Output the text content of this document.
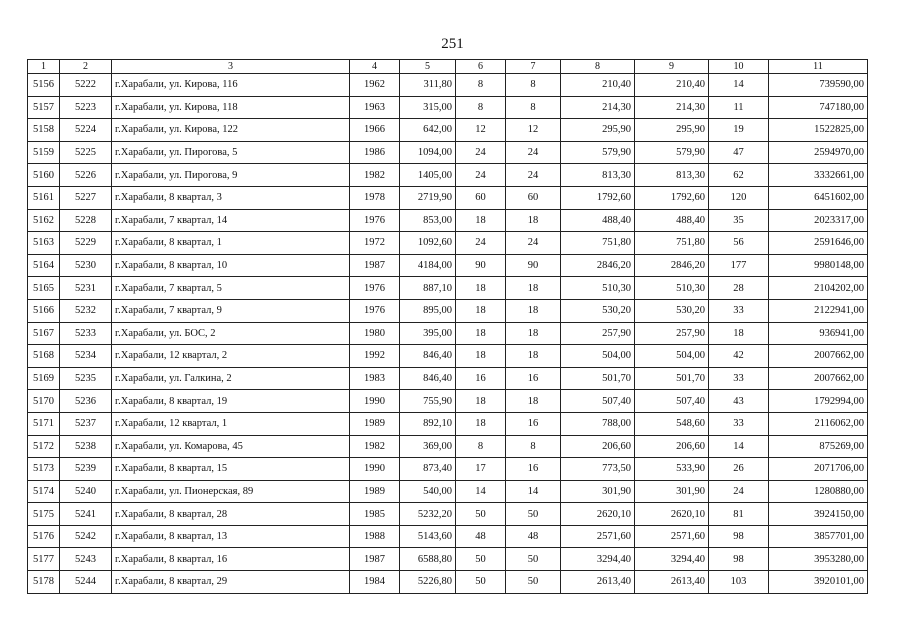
251
1	2	3	4	5	6	7	8	9	10	11
5156	5222	г.Харабали, ул. Кирова, 116	1962	311,80	8	8	210,40	210,40	14	739590,00
5157	5223	г.Харабали, ул. Кирова, 118	1963	315,00	8	8	214,30	214,30	11	747180,00
5158	5224	г.Харабали, ул. Кирова, 122	1966	642,00	12	12	295,90	295,90	19	1522825,00
5159	5225	г.Харабали, ул. Пирогова, 5	1986	1094,00	24	24	579,90	579,90	47	2594970,00
5160	5226	г.Харабали, ул. Пирогова, 9	1982	1405,00	24	24	813,30	813,30	62	3332661,00
5161	5227	г.Харабали, 8 квартал, 3	1978	2719,90	60	60	1792,60	1792,60	120	6451602,00
5162	5228	г.Харабали, 7 квартал, 14	1976	853,00	18	18	488,40	488,40	35	2023317,00
5163	5229	г.Харабали, 8 квартал, 1	1972	1092,60	24	24	751,80	751,80	56	2591646,00
5164	5230	г.Харабали, 8 квартал, 10	1987	4184,00	90	90	2846,20	2846,20	177	9980148,00
5165	5231	г.Харабали, 7 квартал, 5	1976	887,10	18	18	510,30	510,30	28	2104202,00
5166	5232	г.Харабали, 7 квартал, 9	1976	895,00	18	18	530,20	530,20	33	2122941,00
5167	5233	г.Харабали, ул. БОС, 2	1980	395,00	18	18	257,90	257,90	18	936941,00
5168	5234	г.Харабали, 12 квартал, 2	1992	846,40	18	18	504,00	504,00	42	2007662,00
5169	5235	г.Харабали, ул. Галкина, 2	1983	846,40	16	16	501,70	501,70	33	2007662,00
5170	5236	г.Харабали, 8 квартал, 19	1990	755,90	18	18	507,40	507,40	43	1792994,00
5171	5237	г.Харабали, 12 квартал, 1	1989	892,10	18	16	788,00	548,60	33	2116062,00
5172	5238	г.Харабали, ул. Комарова, 45	1982	369,00	8	8	206,60	206,60	14	875269,00
5173	5239	г.Харабали, 8 квартал, 15	1990	873,40	17	16	773,50	533,90	26	2071706,00
5174	5240	г.Харабали, ул. Пионерская, 89	1989	540,00	14	14	301,90	301,90	24	1280880,00
5175	5241	г.Харабали, 8 квартал, 28	1985	5232,20	50	50	2620,10	2620,10	81	3924150,00
5176	5242	г.Харабали, 8 квартал, 13	1988	5143,60	48	48	2571,60	2571,60	98	3857701,00
5177	5243	г.Харабали, 8 квартал, 16	1987	6588,80	50	50	3294,40	3294,40	98	3953280,00
5178	5244	г.Харабали, 8 квартал, 29	1984	5226,80	50	50	2613,40	2613,40	103	3920101,00
